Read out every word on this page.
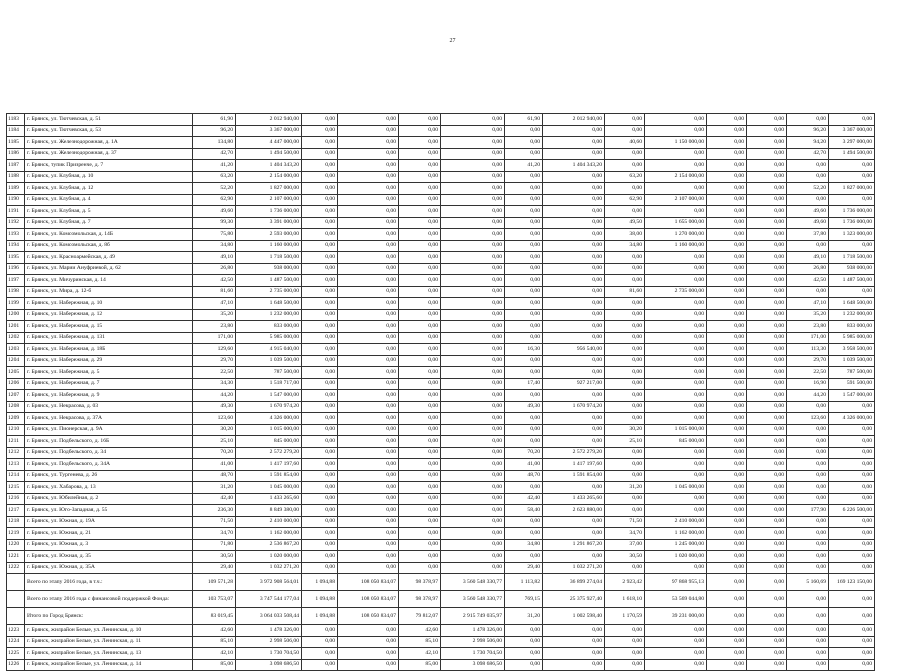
27
1183	г. Брянск, ул. Тютчевская, д. 51	61,90	2 012 940,00	0,00	0,00	0,00	0,00	61,90	2 012 940,00	0,00	0,00	0,00	0,00	0,00	0,00
1184	г. Брянск, ул. Тютчевская, д. 53	96,20	3 367 000,00	0,00	0,00	0,00	0,00	0,00	0,00	0,00	0,00	0,00	0,00	96,20	3 367 000,00
1185	г. Брянск, ул. Железнодорожная, д. 1А	134,80	4 447 000,00	0,00	0,00	0,00	0,00	0,00	0,00	40,60	1 150 000,00	0,00	0,00	94,20	3 297 000,00
1186	г. Брянск, ул. Железнодорожная, д. 37	42,70	1 494 500,00	0,00	0,00	0,00	0,00	0,00	0,00	0,00	0,00	0,00	0,00	42,70	1 494 500,00
1187	г. Брянск, тупик Призренче, д. 7	41,20	1 404 343,20	0,00	0,00	0,00	0,00	41,20	1 404 343,20	0,00	0,00	0,00	0,00	0,00	0,00
1188	г. Брянск, ул. Клубная, д. 10	63,20	2 154 000,00	0,00	0,00	0,00	0,00	0,00	0,00	63,20	2 154 000,00	0,00	0,00	0,00	0,00
1189	г. Брянск, ул. Клубная, д. 12	52,20	1 827 000,00	0,00	0,00	0,00	0,00	0,00	0,00	0,00	0,00	0,00	0,00	52,20	1 827 000,00
1190	г. Брянск, ул. Клубная, д. 4	62,90	2 107 000,00	0,00	0,00	0,00	0,00	0,00	0,00	62,90	2 107 000,00	0,00	0,00	0,00	0,00
1191	г. Брянск, ул. Клубная, д. 5	49,60	1 736 000,00	0,00	0,00	0,00	0,00	0,00	0,00	0,00	0,00	0,00	0,00	49,60	1 736 000,00
1192	г. Брянск, ул. Клубная, д. 7	99,30	3 391 000,00	0,00	0,00	0,00	0,00	0,00	0,00	49,50	1 655 000,00	0,00	0,00	49,60	1 736 000,00
1193	г. Брянск, ул. Комсомольская, д. 14Б	75,80	2 593 000,00	0,00	0,00	0,00	0,00	0,00	0,00	38,00	1 270 000,00	0,00	0,00	37,80	1 323 000,00
1194	г. Брянск, ул. Комсомольская, д. 8б	34,80	1 160 000,00	0,00	0,00	0,00	0,00	0,00	0,00	34,80	1 160 000,00	0,00	0,00	0,00	0,00
1195	г. Брянск, ул. Красноармейская, д. 49	49,10	1 718 500,00	0,00	0,00	0,00	0,00	0,00	0,00	0,00	0,00	0,00	0,00	49,10	1 718 500,00
1196	г. Брянск, ул. Марии Ануфриевой, д. 62	26,80	938 000,00	0,00	0,00	0,00	0,00	0,00	0,00	0,00	0,00	0,00	0,00	26,80	938 000,00
1197	г. Брянск, ул. Мичуринская, д. 14	42,50	1 487 500,00	0,00	0,00	0,00	0,00	0,00	0,00	0,00	0,00	0,00	0,00	42,50	1 487 500,00
1198	г. Брянск, ул. Мира, д. 12-б	81,60	2 735 000,00	0,00	0,00	0,00	0,00	0,00	0,00	81,60	2 735 000,00	0,00	0,00	0,00	0,00
1199	г. Брянск, ул. Набережная, д. 10	47,10	1 648 500,00	0,00	0,00	0,00	0,00	0,00	0,00	0,00	0,00	0,00	0,00	47,10	1 648 500,00
1200	г. Брянск, ул. Набережная, д. 12	35,20	1 232 000,00	0,00	0,00	0,00	0,00	0,00	0,00	0,00	0,00	0,00	0,00	35,20	1 232 000,00
1201	г. Брянск, ул. Набережная, д. 15	23,80	833 000,00	0,00	0,00	0,00	0,00	0,00	0,00	0,00	0,00	0,00	0,00	23,80	833 000,00
1202	г. Брянск, ул. Набережная, д. 131	171,00	5 985 000,00	0,00	0,00	0,00	0,00	0,00	0,00	0,00	0,00	0,00	0,00	171,00	5 985 000,00
1203	г. Брянск, ул. Набережная, д. 18Б	129,60	4 915 040,00	0,00	0,00	0,00	0,00	16,30	956 540,00	0,00	0,00	0,00	0,00	113,30	3 958 500,00
1204	г. Брянск, ул. Набережная, д. 29	29,70	1 039 500,00	0,00	0,00	0,00	0,00	0,00	0,00	0,00	0,00	0,00	0,00	29,70	1 039 500,00
1205	г. Брянск, ул. Набережная, д. 5	22,50	787 500,00	0,00	0,00	0,00	0,00	0,00	0,00	0,00	0,00	0,00	0,00	22,50	787 500,00
1206	г. Брянск, ул. Набережная, д. 7	34,30	1 518 717,00	0,00	0,00	0,00	0,00	17,40	927 217,00	0,00	0,00	0,00	0,00	16,90	591 500,00
1207	г. Брянск, ул. Набережная, д. 9	44,20	1 547 000,00	0,00	0,00	0,00	0,00	0,00	0,00	0,00	0,00	0,00	0,00	44,20	1 547 000,00
1208	г. Брянск, ул. Некрасова, д. 03	49,30	1 670 974,20	0,00	0,00	0,00	0,00	49,30	1 670 974,20	0,00	0,00	0,00	0,00	0,00	0,00
1209	г. Брянск, ул. Некрасова, д. 37А	123,60	4 326 000,00	0,00	0,00	0,00	0,00	0,00	0,00	0,00	0,00	0,00	0,00	123,60	4 326 000,00
1210	г. Брянск, ул. Пионерская, д. 9А	30,20	1 015 000,00	0,00	0,00	0,00	0,00	0,00	0,00	30,20	1 015 000,00	0,00	0,00	0,00	0,00
1211	г. Брянск, ул. Подбельского, д. 16Б	25,10	845 000,00	0,00	0,00	0,00	0,00	0,00	0,00	25,10	845 000,00	0,00	0,00	0,00	0,00
1212	г. Брянск, ул. Подбельского, д. 34	70,20	2 572 279,20	0,00	0,00	0,00	0,00	70,20	2 572 279,20	0,00	0,00	0,00	0,00	0,00	0,00
1213	г. Брянск, ул. Подбельского, д. 34А	41,00	1 417 197,60	0,00	0,00	0,00	0,00	41,00	1 417 197,60	0,00	0,00	0,00	0,00	0,00	0,00
1214	г. Брянск, ул. Тургенева, д. 26	48,70	1 591 854,00	0,00	0,00	0,00	0,00	48,70	1 591 854,00	0,00	0,00	0,00	0,00	0,00	0,00
1215	г. Брянск, ул. Хабарова, д. 13	31,20	1 045 000,00	0,00	0,00	0,00	0,00	0,00	0,00	31,20	1 045 000,00	0,00	0,00	0,00	0,00
1216	г. Брянск, ул. Юбилейная, д. 2	42,40	1 433 265,60	0,00	0,00	0,00	0,00	42,40	1 433 265,60	0,00	0,00	0,00	0,00	0,00	0,00
1217	г. Брянск, ул. Юго-Западная, д. 55	236,30	8 849 380,00	0,00	0,00	0,00	0,00	58,40	2 623 880,00	0,00	0,00	0,00	0,00	177,90	6 226 500,00
1218	г. Брянск, ул. Южная, д. 19А	71,50	2 410 000,00	0,00	0,00	0,00	0,00	0,00	0,00	71,50	2 410 000,00	0,00	0,00	0,00	0,00
1219	г. Брянск, ул. Южная, д. 21	34,70	1 162 000,00	0,00	0,00	0,00	0,00	0,00	0,00	34,70	1 162 000,00	0,00	0,00	0,00	0,00
1220	г. Брянск, ул. Южная, д. 3	71,80	2 536 867,20	0,00	0,00	0,00	0,00	34,80	1 291 867,20	37,00	1 245 000,00	0,00	0,00	0,00	0,00
1221	г. Брянск, ул. Южная, д. 35	30,50	1 020 000,00	0,00	0,00	0,00	0,00	0,00	0,00	30,50	1 020 000,00	0,00	0,00	0,00	0,00
1222	г. Брянск, ул. Южная, д. 35А	29,40	1 032 271,20	0,00	0,00	0,00	0,00	29,40	1 032 271,20	0,00	0,00	0,00	0,00	0,00	0,00
	Всего по этапу 2016 года, в т.ч.:	109 571,28	3 972 908 564,01	1 094,88	108 050 834,07	98 378,97	3 560 548 330,77	1 113,82	36 899 274,04	2 923,42	97 868 955,13	0,00	0,00	5 160,69	169 123 150,00
	Всего по этапу 2016 года с финансовой поддержкой Фонда:	103 753,07	3 747 544 177,04	1 094,88	108 050 834,07	98 378,97	3 560 548 330,77	769,15	25 375 927,40	1 618,10	53 569 044,80	0,00	0,00	0,00	0,00
	Итого по Город Брянск:	83 019,45	3 064 033 508,44	1 094,88	108 050 834,07	79 812,07	2 915 749 035,97	31,20	1 002 598,40	1 170,59	39 231 000,00	0,00	0,00	0,00	0,00
1223	г. Брянск, жилрайон Белые, ул. Ленинская, д. 10	42,60	1 478 326,00	0,00	0,00	42,60	1 478 326,00	0,00	0,00	0,00	0,00	0,00	0,00	0,00	0,00
1224	г. Брянск, жилрайон Белые, ул. Ленинская, д. 11	85,10	2 998 506,00	0,00	0,00	85,10	2 998 506,00	0,00	0,00	0,00	0,00	0,00	0,00	0,00	0,00
1225	г. Брянск, жилрайон Белые, ул. Ленинская, д. 13	42,10	1 730 704,50	0,00	0,00	42,10	1 730 704,50	0,00	0,00	0,00	0,00	0,00	0,00	0,00	0,00
1226	г. Брянск, жилрайон Белые, ул. Ленинская, д. 14	85,00	3 098 686,50	0,00	0,00	85,00	3 098 686,50	0,00	0,00	0,00	0,00	0,00	0,00	0,00	0,00
